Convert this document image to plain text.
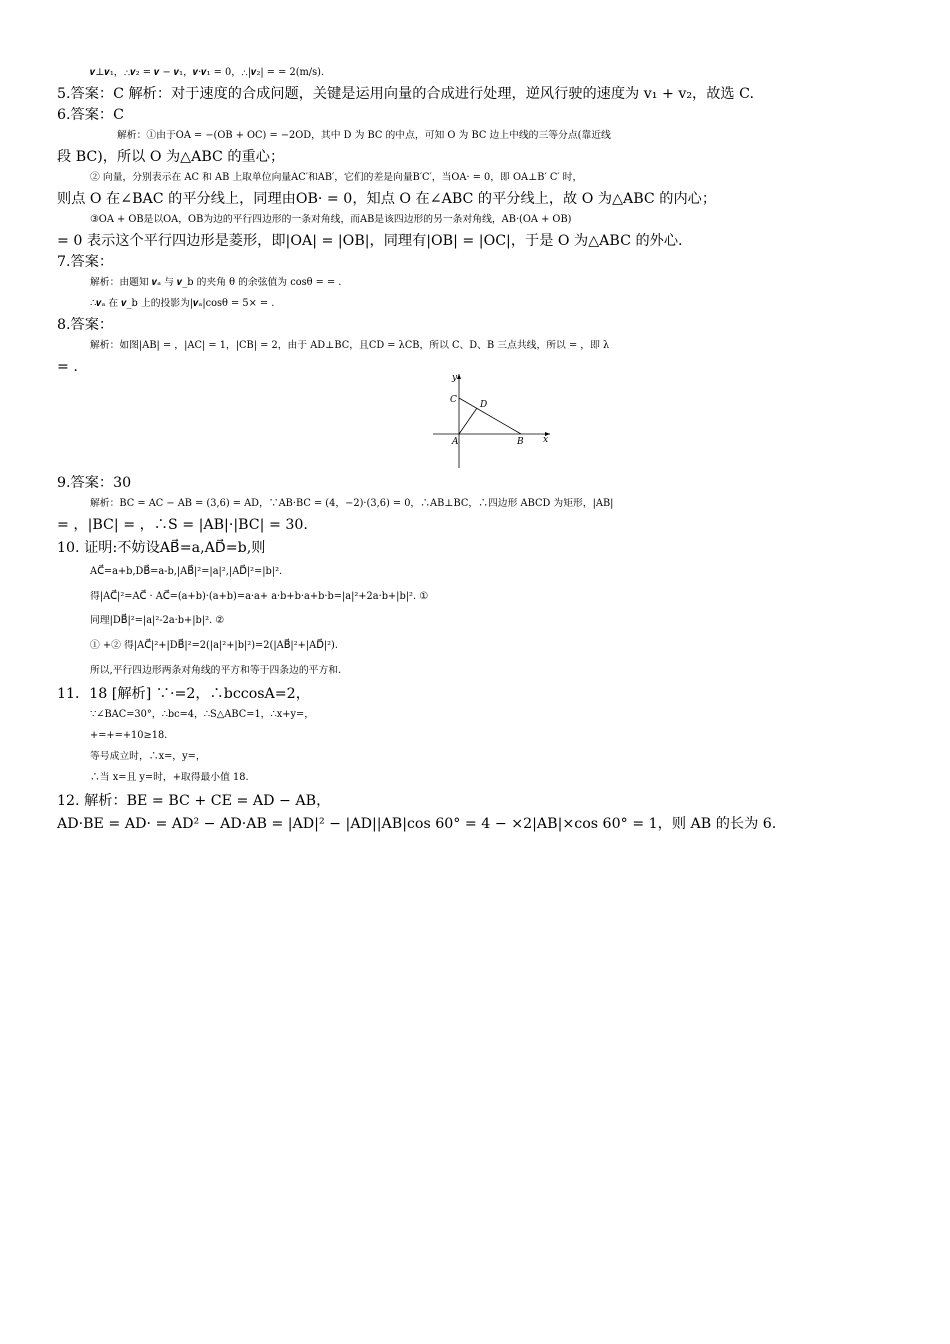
𝒗⊥𝒗₁，∴𝒗₂ = 𝒗 − 𝒗₁，𝒗·𝒗₁ = 0，∴|𝒗₂| = = 2(m/s).
5.答案：C 解析：对于速度的合成问题，关键是运用向量的合成进行处理，逆风行驶的速度为 v₁ + v₂，故选 C.
6.答案：C
解析：①由于OA = −(OB + OC) = −2OD，其中 D 为 BC 的中点，可知 O 为 BC 边上中线的三等分点(靠近线
段 BC)，所以 O 为△ABC 的重心；
② 向量，分别表示在 AC 和 AB 上取单位向量AC′和AB′，它们的差是向量B′C′，当OA· = 0，即 OA⊥B′ C′ 时，
则点 O 在∠BAC 的平分线上，同理由OB· = 0，知点 O 在∠ABC 的平分线上，故 O 为△ABC 的内心；
③OA + OB是以OA，OB为边的平行四边形的一条对角线，而AB是该四边形的另一条对角线，AB·(OA + OB)
= 0 表示这个平行四边形是菱形，即|OA| = |OB|，同理有|OB| = |OC|，于是 O 为△ABC 的外心.
7.答案：
解析：由题知 𝒗ₐ 与 𝒗_b 的夹角 θ 的余弦值为 cosθ = = .
∴𝒗ₐ 在 𝒗_b 上的投影为|𝒗ₐ|cosθ = 5× = .
8.答案：
解析：如图|AB| = ，|AC| = 1，|CB| = 2，由于 AD⊥BC，且CD = λCB，所以 C、D、B 三点共线，所以 = ，即 λ
= .
y
x
C	D
A	B
9.答案：30
解析：BC = AC − AB = (3,6) = AD，∵AB·BC = (4，−2)·(3,6) = 0，∴AB⊥BC，∴四边形 ABCD 为矩形，|AB|
= ，|BC| = ，∴S = |AB|·|BC| = 30.
10. 证明:不妨设AB⃗=a,AD⃗=b,则
AC⃗=a+b,DB⃗=a-b,|AB⃗|²=|a|²,|AD⃗|²=|b|².
得|AC⃗|²=AC⃗ · AC⃗=(a+b)·(a+b)=a·a+ a·b+b·a+b·b=|a|²+2a·b+|b|². ①
同理|DB⃗|²=|a|²-2a·b+|b|². ②
① +② 得|AC⃗|²+|DB⃗|²=2(|a|²+|b|²)=2(|AB⃗|²+|AD⃗|²).
所以,平行四边形两条对角线的平方和等于四条边的平方和.
11．18 [解析] ∵·=2，∴bccosA=2，
∵∠BAC=30°，∴bc=4，∴S△ABC=1，∴x+y=，
+=+=+10≥18.
等号成立时，∴x=，y=，
∴当 x=且 y=时，+取得最小值 18.
12. 解析：BE = BC + CE = AD − AB，
AD·BE = AD· = AD² − AD·AB = |AD|² − |AD||AB|cos 60° = 4 − ×2|AB|×cos 60° = 1，则 AB 的长为 6.
